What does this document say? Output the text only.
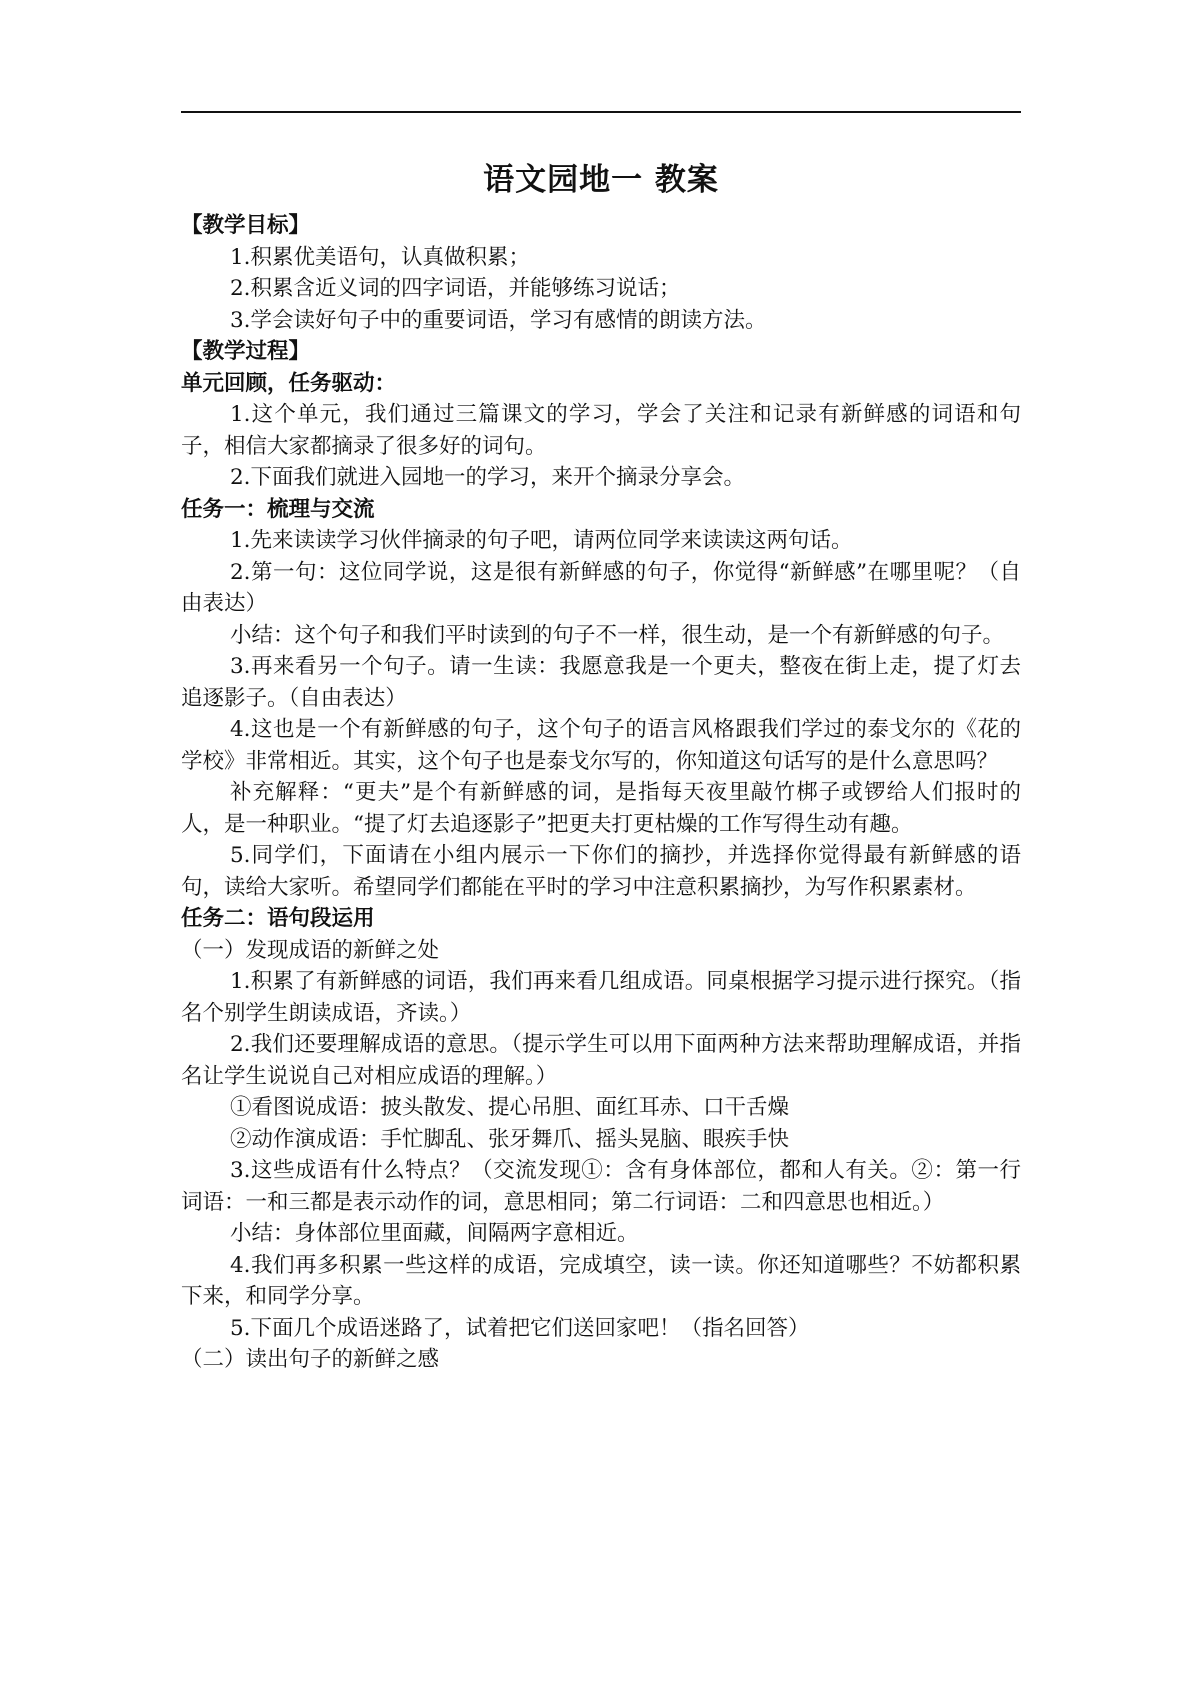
语文园地一 教案

【教学目标】

1.积累优美语句，认真做积累；

2.积累含近义词的四字词语，并能够练习说话；

3.学会读好句子中的重要词语，学习有感情的朗读方法。

【教学过程】

单元回顾，任务驱动：

1.这个单元，我们通过三篇课文的学习，学会了关注和记录有新鲜感的词语和句子，相信大家都摘录了很多好的词句。

2.下面我们就进入园地一的学习，来开个摘录分享会。

任务一：梳理与交流

1.先来读读学习伙伴摘录的句子吧，请两位同学来读读这两句话。

2.第一句：这位同学说，这是很有新鲜感的句子，你觉得“新鲜感”在哪里呢？（自由表达）

小结：这个句子和我们平时读到的句子不一样，很生动，是一个有新鲜感的句子。

3.再来看另一个句子。请一生读：我愿意我是一个更夫，整夜在街上走，提了灯去追逐影子。（自由表达）

4.这也是一个有新鲜感的句子，这个句子的语言风格跟我们学过的泰戈尔的《花的学校》非常相近。其实，这个句子也是泰戈尔写的，你知道这句话写的是什么意思吗？

补充解释：“更夫”是个有新鲜感的词，是指每天夜里敲竹梆子或锣给人们报时的人，是一种职业。“提了灯去追逐影子”把更夫打更枯燥的工作写得生动有趣。

5.同学们，下面请在小组内展示一下你们的摘抄，并选择你觉得最有新鲜感的语句，读给大家听。希望同学们都能在平时的学习中注意积累摘抄，为写作积累素材。

任务二：语句段运用

（一）发现成语的新鲜之处

1.积累了有新鲜感的词语，我们再来看几组成语。同桌根据学习提示进行探究。（指名个别学生朗读成语，齐读。）

2.我们还要理解成语的意思。（提示学生可以用下面两种方法来帮助理解成语，并指名让学生说说自己对相应成语的理解。）

①看图说成语：披头散发、提心吊胆、面红耳赤、口干舌燥

②动作演成语：手忙脚乱、张牙舞爪、摇头晃脑、眼疾手快

3.这些成语有什么特点？（交流发现①：含有身体部位，都和人有关。②：第一行词语：一和三都是表示动作的词，意思相同；第二行词语：二和四意思也相近。）

小结：身体部位里面藏，间隔两字意相近。

4.我们再多积累一些这样的成语，完成填空，读一读。你还知道哪些？不妨都积累下来，和同学分享。

5.下面几个成语迷路了，试着把它们送回家吧！（指名回答）

（二）读出句子的新鲜之感
